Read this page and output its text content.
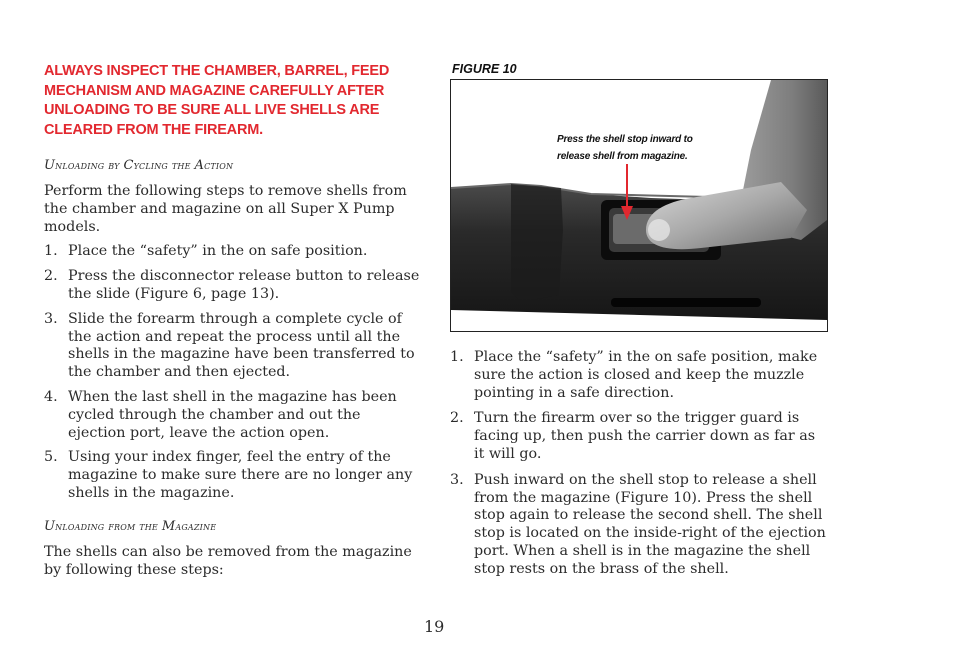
ALWAYS INSPECT THE CHAMBER, BARREL, FEED MECHANISM AND MAGAZINE CAREFULLY AFTER UNLOADING TO BE SURE ALL LIVE SHELLS ARE CLEARED FROM THE FIREARM.

Unloading by Cycling the Action

Perform the following steps to remove shells from the chamber and magazine on all Super X Pump models.

1. Place the “safety” in the on safe position.
2. Press the disconnector release button to release the slide (Figure 6, page 13).
3. Slide the forearm through a complete cycle of the action and repeat the process until all the shells in the magazine have been transferred to the chamber and then ejected.
4. When the last shell in the magazine has been cycled through the chamber and out the ejection port, leave the action open.
5. Using your index finger, feel the entry of the magazine to make sure there are no longer any shells in the magazine.
Unloading from the Magazine

The shells can also be removed from the magazine by following these steps:

FIGURE 10
Press the shell stop inward to
release shell from magazine.
1. Place the “safety” in the on safe position, make sure the action is closed and keep the muzzle pointing in a safe direction.
2. Turn the firearm over so the trigger guard is facing up, then push the carrier down as far as it will go.
3. Push inward on the shell stop to release a shell from the magazine (Figure 10). Press the shell stop again to release the second shell. The shell stop is located on the inside-right of the ejection port. When a shell is in the magazine the shell stop rests on the brass of the shell.
19
